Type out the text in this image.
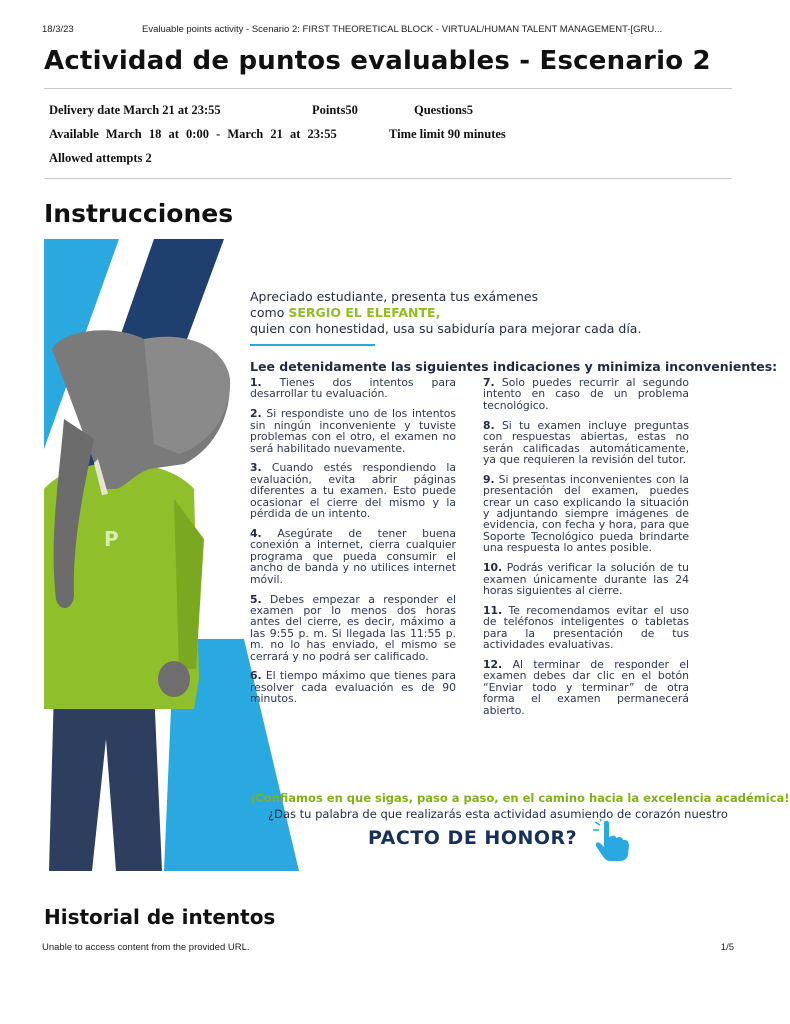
18/3/23	Evaluable points activity - Scenario 2: FIRST THEORETICAL BLOCK - VIRTUAL/HUMAN TALENT MANAGEMENT-[GRU...
Actividad de puntos evaluables - Escenario 2
Delivery date March 21 at 23:55	Points50	Questions5
Available March 18 at 0:00 - March 21 at 23:55	Time limit 90 minutes
Allowed attempts 2
Instrucciones
P
Apreciado estudiante, presenta tus exámenes
como SERGIO EL ELEFANTE,
quien con honestidad, usa su sabiduría para mejorar cada día.
Lee detenidamente las siguientes indicaciones y minimiza inconvenientes:
1. Tienes dos intentos para desarrollar tu evaluación.
2. Si respondiste uno de los intentos sin ningún inconveniente y tuviste problemas con el otro, el examen no será habilitado nuevamente.
3. Cuando estés respondiendo la evaluación, evita abrir páginas diferentes a tu examen. Esto puede ocasionar el cierre del mismo y la pérdida de un intento.
4. Asegúrate de tener buena conexión a internet, cierra cualquier programa que pueda consumir el ancho de banda y no utilices internet móvil.
5. Debes empezar a responder el examen por lo menos dos horas antes del cierre, es decir, máximo a las 9:55 p. m. Si llegada las 11:55 p. m. no lo has enviado, el mismo se cerrará y no podrá ser calificado.
6. El tiempo máximo que tienes para resolver cada evaluación es de 90 minutos.
7. Solo puedes recurrir al segundo intento en caso de un problema tecnológico.
8. Si tu examen incluye preguntas con respuestas abiertas, estas no serán calificadas automáticamente, ya que requieren la revisión del tutor.
9. Si presentas inconvenientes con la presentación del examen, puedes crear un caso explicando la situación y adjuntando siempre imágenes de evidencia, con fecha y hora, para que Soporte Tecnológico pueda brindarte una respuesta lo antes posible.
10. Podrás verificar la solución de tu examen únicamente durante las 24 horas siguientes al cierre.
11. Te recomendamos evitar el uso de teléfonos inteligentes o tabletas para la presentación de tus actividades evaluativas.
12. Al terminar de responder el examen debes dar clic en el botón “Enviar todo y terminar” de otra forma el examen permanecerá abierto.
¡Confiamos en que sigas, paso a paso, en el camino hacia la excelencia académica!
¿Das tu palabra de que realizarás esta actividad asumiendo de corazón nuestro
PACTO DE HONOR?
Historial de intentos
Unable to access content from the provided URL.	1/5
